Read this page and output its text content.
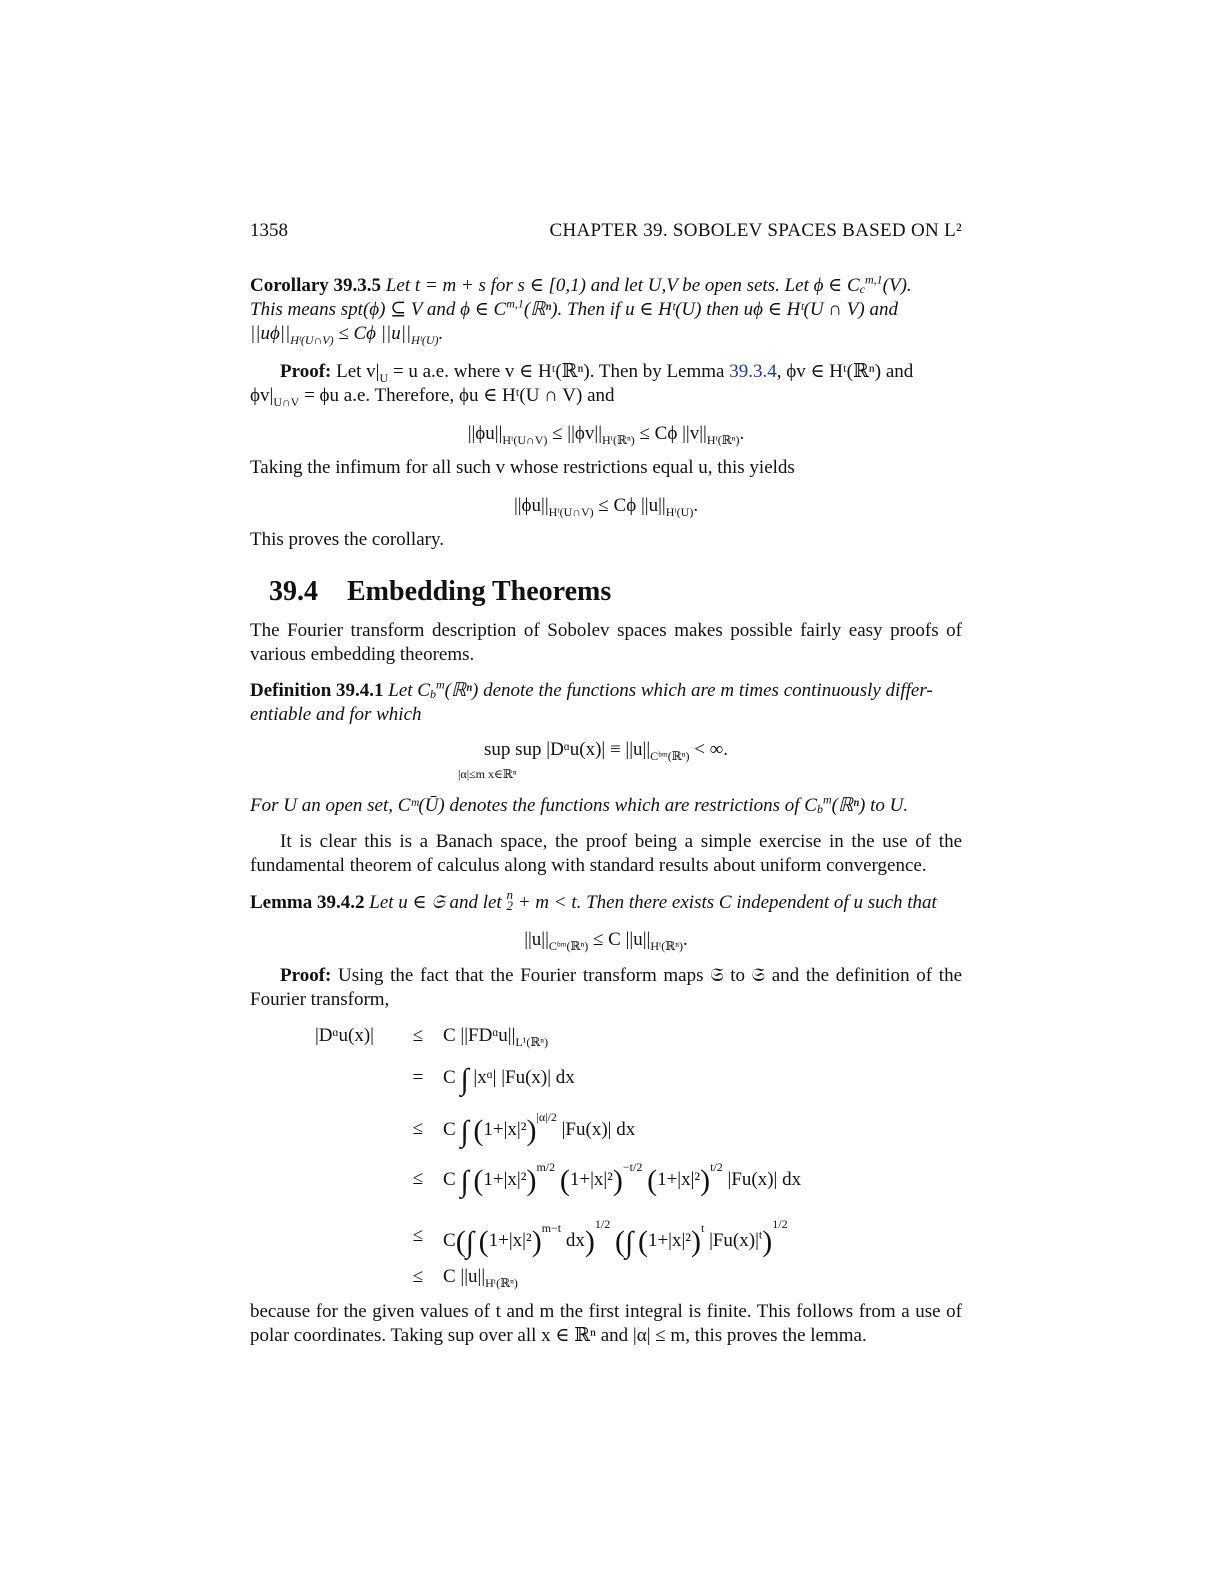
1358	CHAPTER 39. SOBOLEV SPACES BASED ON L²

Corollary 39.3.5 Let t = m + s for s ∈ [0,1) and let U,V be open sets. Let ϕ ∈ $C_c^{m,1}(V)$.

This means spt(ϕ) ⊆ V and ϕ ∈ C$^{m,1}$(ℝⁿ). Then if u ∈ Hᵗ(U) then uϕ ∈ Hᵗ(U ∩ V) and

$||u\phi||_{Hᵗ(U\cap V)} \le C\phi$ $||u||_{Hᵗ(U)}$.

Proof: Let $v|_U = u$ a.e. where v ∈ Hᵗ(ℝⁿ). Then by Lemma 39.3.4, ϕv ∈ Hᵗ(ℝⁿ) and

$\phi v|_{U\cap V} = \phi u$ a.e. Therefore, ϕu ∈ Hᵗ(U ∩ V) and

$||\phi u||_{Hᵗ(U\cap V)} \le ||\phi v||_{Hᵗ(ℝ^n)} \le C\phi$ $||v||_{Hᵗ(ℝ^n)}$.

Taking the infimum for all such v whose restrictions equal u, this yields

$||\phi u||_{Hᵗ(U\cap V)} \le C\phi$ $||u||_{Hᵗ(U)}$.

This proves the corollary.

39.4 Embedding Theorems

The Fourier transform description of Sobolev spaces makes possible fairly easy proofs of various embedding theorems.

Definition 39.4.1 Let $C_b^m(ℝ^n)$ denote the functions which are m times continuously differ-

entiable and for which

sup sup |Dᵅu(x)| ≡ $||u||_{Cᵇᵐ(ℝ^n)}$ < ∞.
|α|≤m x∈ℝⁿ

For U an open set, Cᵐ(Ū) denotes the functions which are restrictions of $C_b^m(ℝ^n)$ to U.

It is clear this is a Banach space, the proof being a simple exercise in the use of the fundamental theorem of calculus along with standard results about uniform convergence.

Lemma 39.4.2 Let u ∈ 𝔖 and let n
2 + m < t. Then there exists C independent of u such that

$||u||_{Cᵇᵐ(ℝ^n)} \le C$ $||u||_{Hᵗ(ℝ^n)}$.

Proof: Using the fact that the Fourier transform maps 𝔖 to 𝔖 and the definition of the Fourier transform,

|Dᵅu(x)| ≤ C $||FDᵅu||_{L^1(ℝ^n)}$
= C ∫ |xᵅ| |Fu(x)| dx
≤ C ∫ $(1+|x|^2)^{|\alpha|/2}$ |Fu(x)| dx
≤ C ∫ $(1+|x|^2)^{m/2}$ $(1+|x|^2)^{-t/2}$ $(1+|x|^2)^{t/2}$ |Fu(x)| dx
≤ C(∫ $(1+|x|^2)^{m-t}$ dx)$^{1/2}$ (∫ $(1+|x|^2)^t$ $|Fu(x)|^t)^{1/2}$
≤ C $||u||_{Hᵗ(ℝ^n)}$

because for the given values of t and m the first integral is finite. This follows from a use of polar coordinates. Taking sup over all x ∈ ℝⁿ and |α| ≤ m, this proves the lemma.
